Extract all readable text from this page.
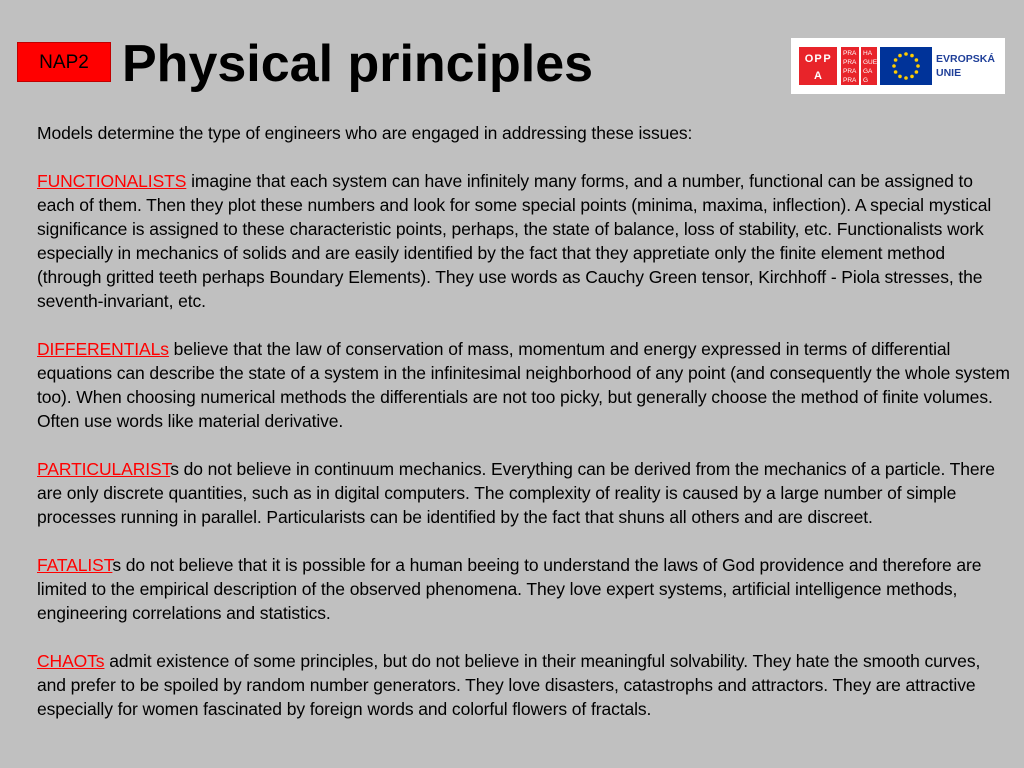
NAP2 Physical principles	O P P
A
PRA
PRA
PRA
PRA
HA
GUE
GA
G
EVROPSKÁ
UNIE

Models determine the type of engineers who are engaged in addressing these issues:

FUNCTIONALISTS imagine that each system can have infinitely many forms, and a number, functional can be assigned to each of them. Then they plot these numbers and look for some special points (minima, maxima, inflection). A special mystical significance is assigned to these characteristic points, perhaps, the state of balance, loss of stability, etc. Functionalists work especially in mechanics of solids and are easily identified by the fact that they appretiate only the finite element method (through gritted teeth perhaps Boundary Elements). They use words as Cauchy Green tensor, Kirchhoff - Piola stresses, the seventh-invariant, etc.

DIFFERENTIALs believe that the law of conservation of mass, momentum and energy expressed in terms of differential equations can describe the state of a system in the infinitesimal neighborhood of any point (and consequently the whole system too). When choosing numerical methods the differentials are not too picky, but generally choose the method of finite volumes. Often use words like material derivative.

PARTICULARISTs do not believe in continuum mechanics. Everything can be derived from the mechanics of a particle. There are only discrete quantities, such as in digital computers. The complexity of reality is caused by a large number of simple processes running in parallel. Particularists can be identified by the fact that shuns all others and are discreet.

FATALISTs do not believe that it is possible for a human beeing to understand the laws of God providence and therefore are limited to the empirical description of the observed phenomena. They love expert systems, artificial intelligence methods, engineering correlations and statistics.

CHAOTs admit existence of some principles, but do not believe in their meaningful solvability. They hate the smooth curves, and prefer to be spoiled by random number generators. They love disasters, catastrophs and attractors. They are attractive especially for women fascinated by foreign words and colorful flowers of fractals.
